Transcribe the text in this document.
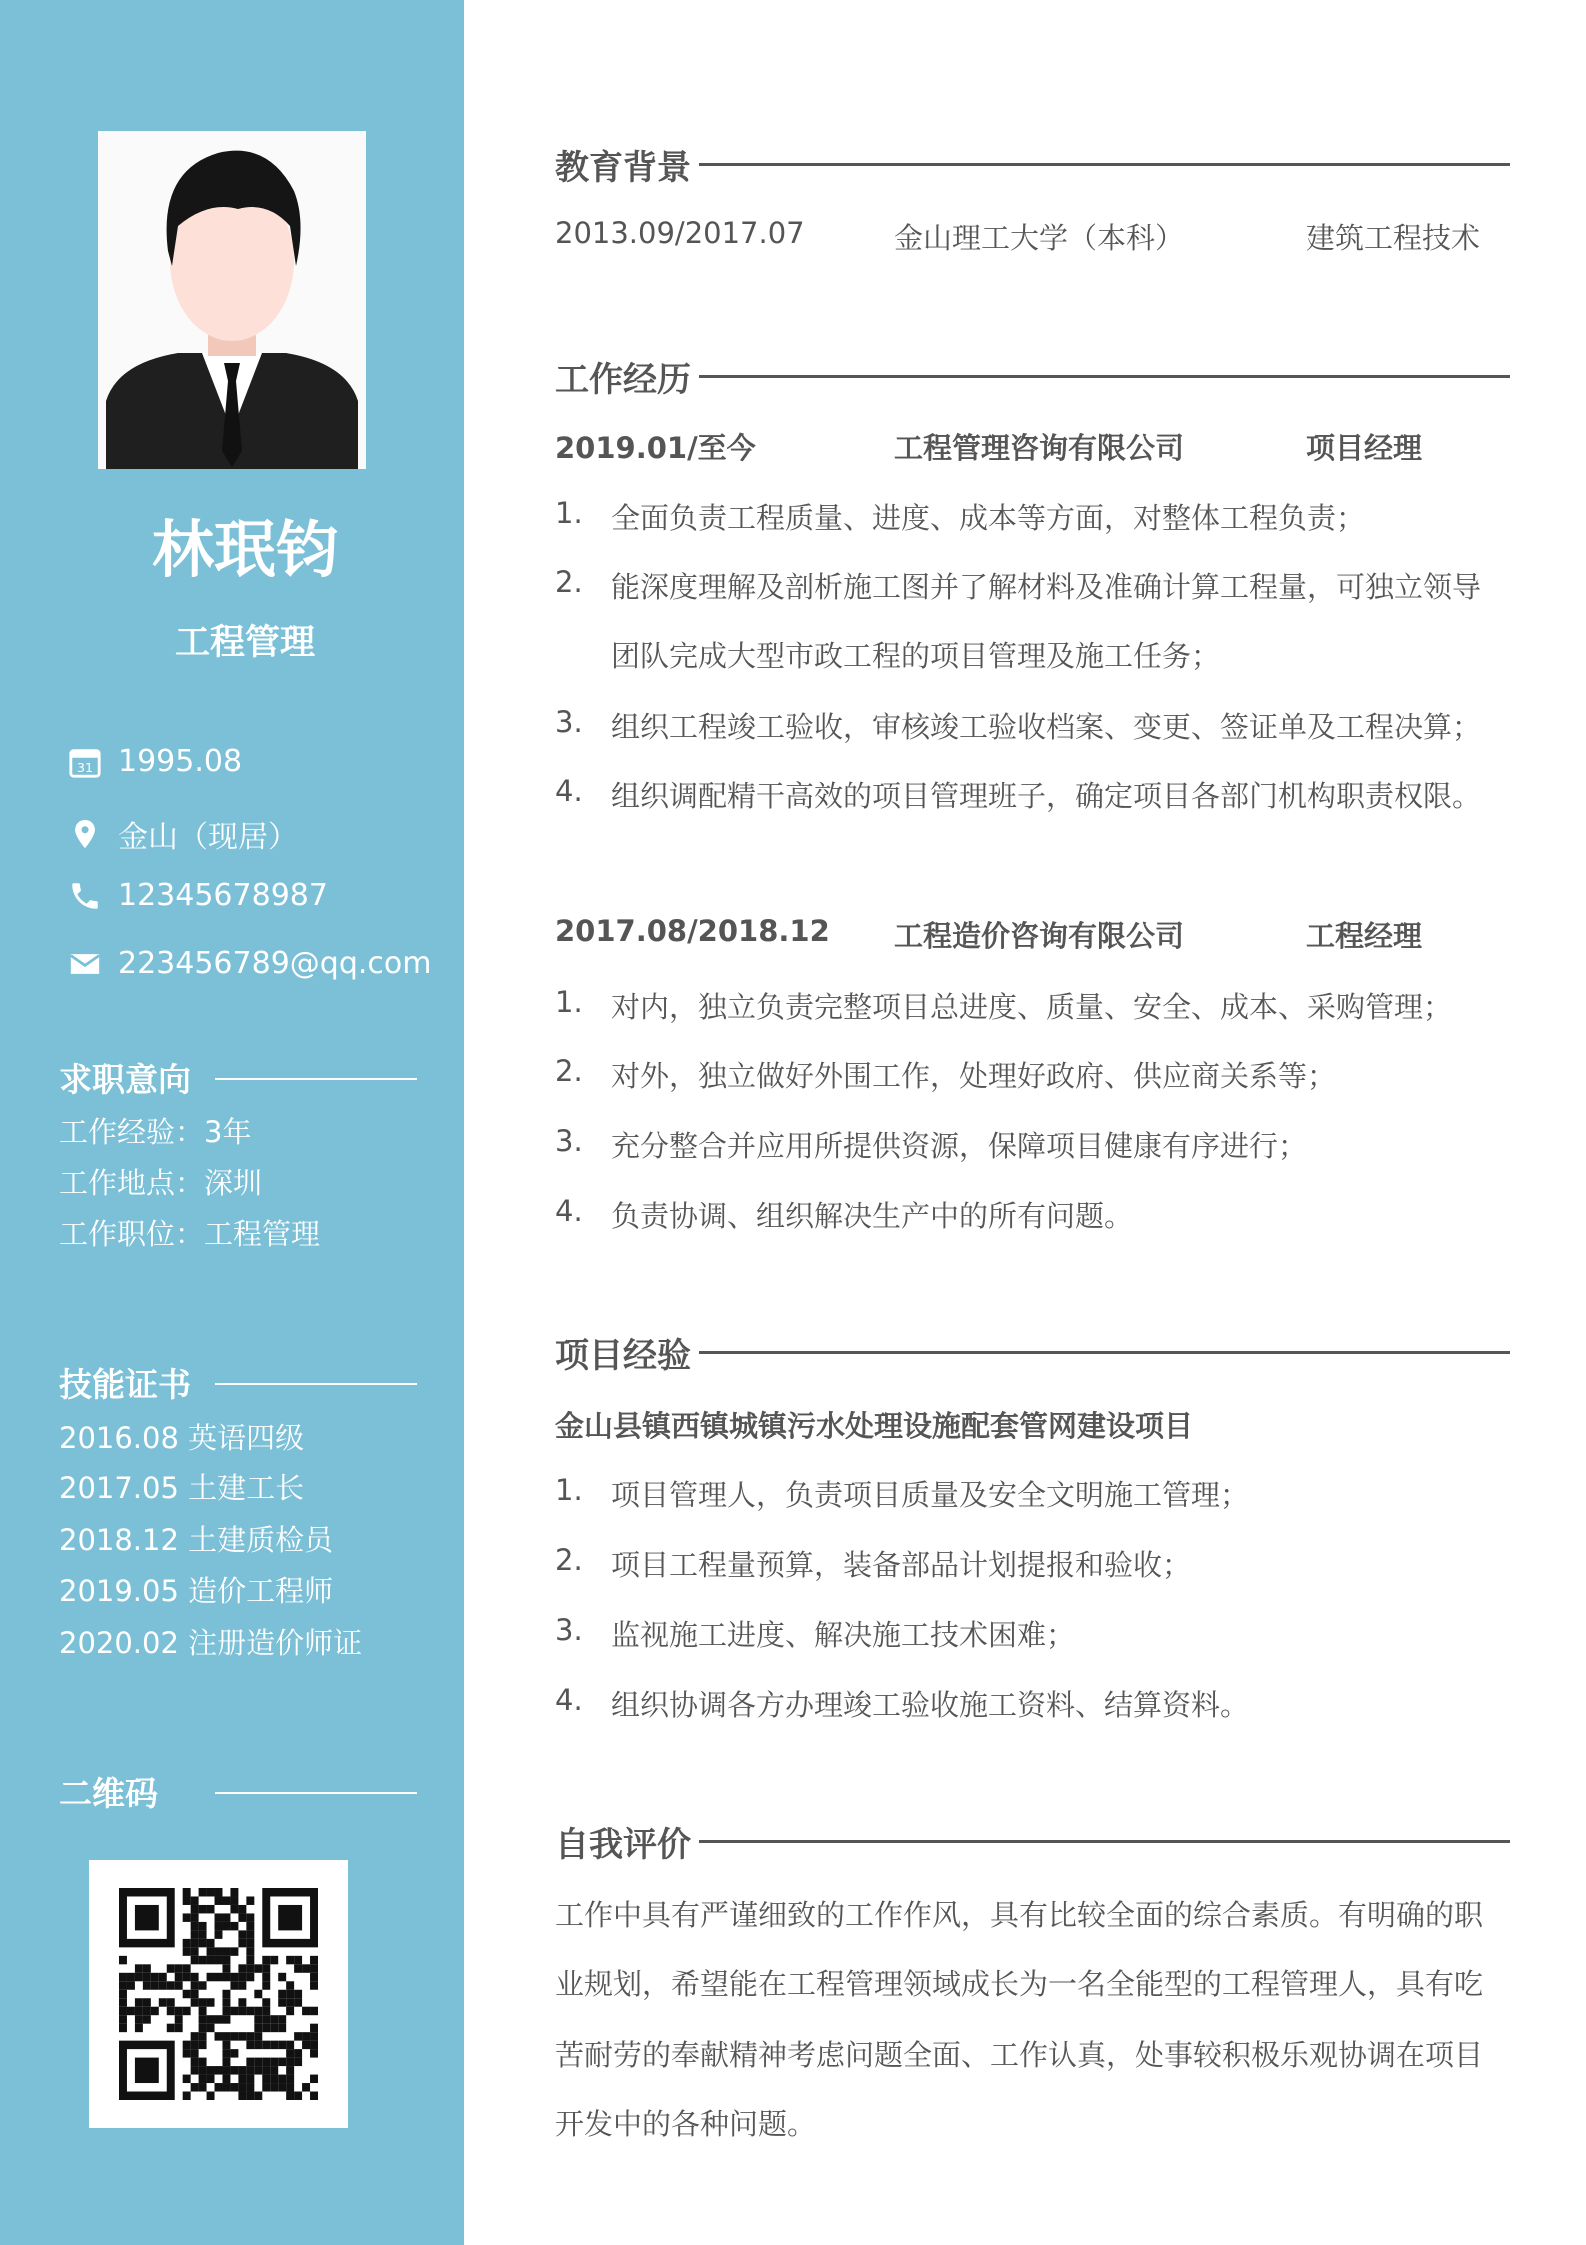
林珉钧
工程管理
31 1995.08
金山（现居）
12345678987
223456789@qq.com
求职意向
工作经验：3年
工作地点：深圳
工作职位：工程管理
技能证书
2016.08 英语四级
2017.05 土建工长
2018.12 土建质检员
2019.05 造价工程师
2020.02 注册造价师证
二维码
教育背景
2013.09/2017.07	金山理工大学（本科）	建筑工程技术
工作经历
2019.01/至今	工程管理咨询有限公司	项目经理
1. 全面负责工程质量、进度、成本等方面，对整体工程负责；
2. 能深度理解及剖析施工图并了解材料及准确计算工程量，可独立领导
团队完成大型市政工程的项目管理及施工任务；
3. 组织工程竣工验收，审核竣工验收档案、变更、签证单及工程决算；
4. 组织调配精干高效的项目管理班子，确定项目各部门机构职责权限。
2017.08/2018.12 工程造价咨询有限公司	工程经理
1. 对内，独立负责完整项目总进度、质量、安全、成本、采购管理；
2. 对外，独立做好外围工作，处理好政府、供应商关系等；
3. 充分整合并应用所提供资源，保障项目健康有序进行；
4. 负责协调、组织解决生产中的所有问题。
项目经验
金山县镇西镇城镇污水处理设施配套管网建设项目
1. 项目管理人，负责项目质量及安全文明施工管理；
2. 项目工程量预算，装备部品计划提报和验收；
3. 监视施工进度、解决施工技术困难；
4. 组织协调各方办理竣工验收施工资料、结算资料。
自我评价
工作中具有严谨细致的工作作风，具有比较全面的综合素质。有明确的职
业规划，希望能在工程管理领域成长为一名全能型的工程管理人，具有吃
苦耐劳的奉献精神考虑问题全面、工作认真，处事较积极乐观协调在项目
开发中的各种问题。
